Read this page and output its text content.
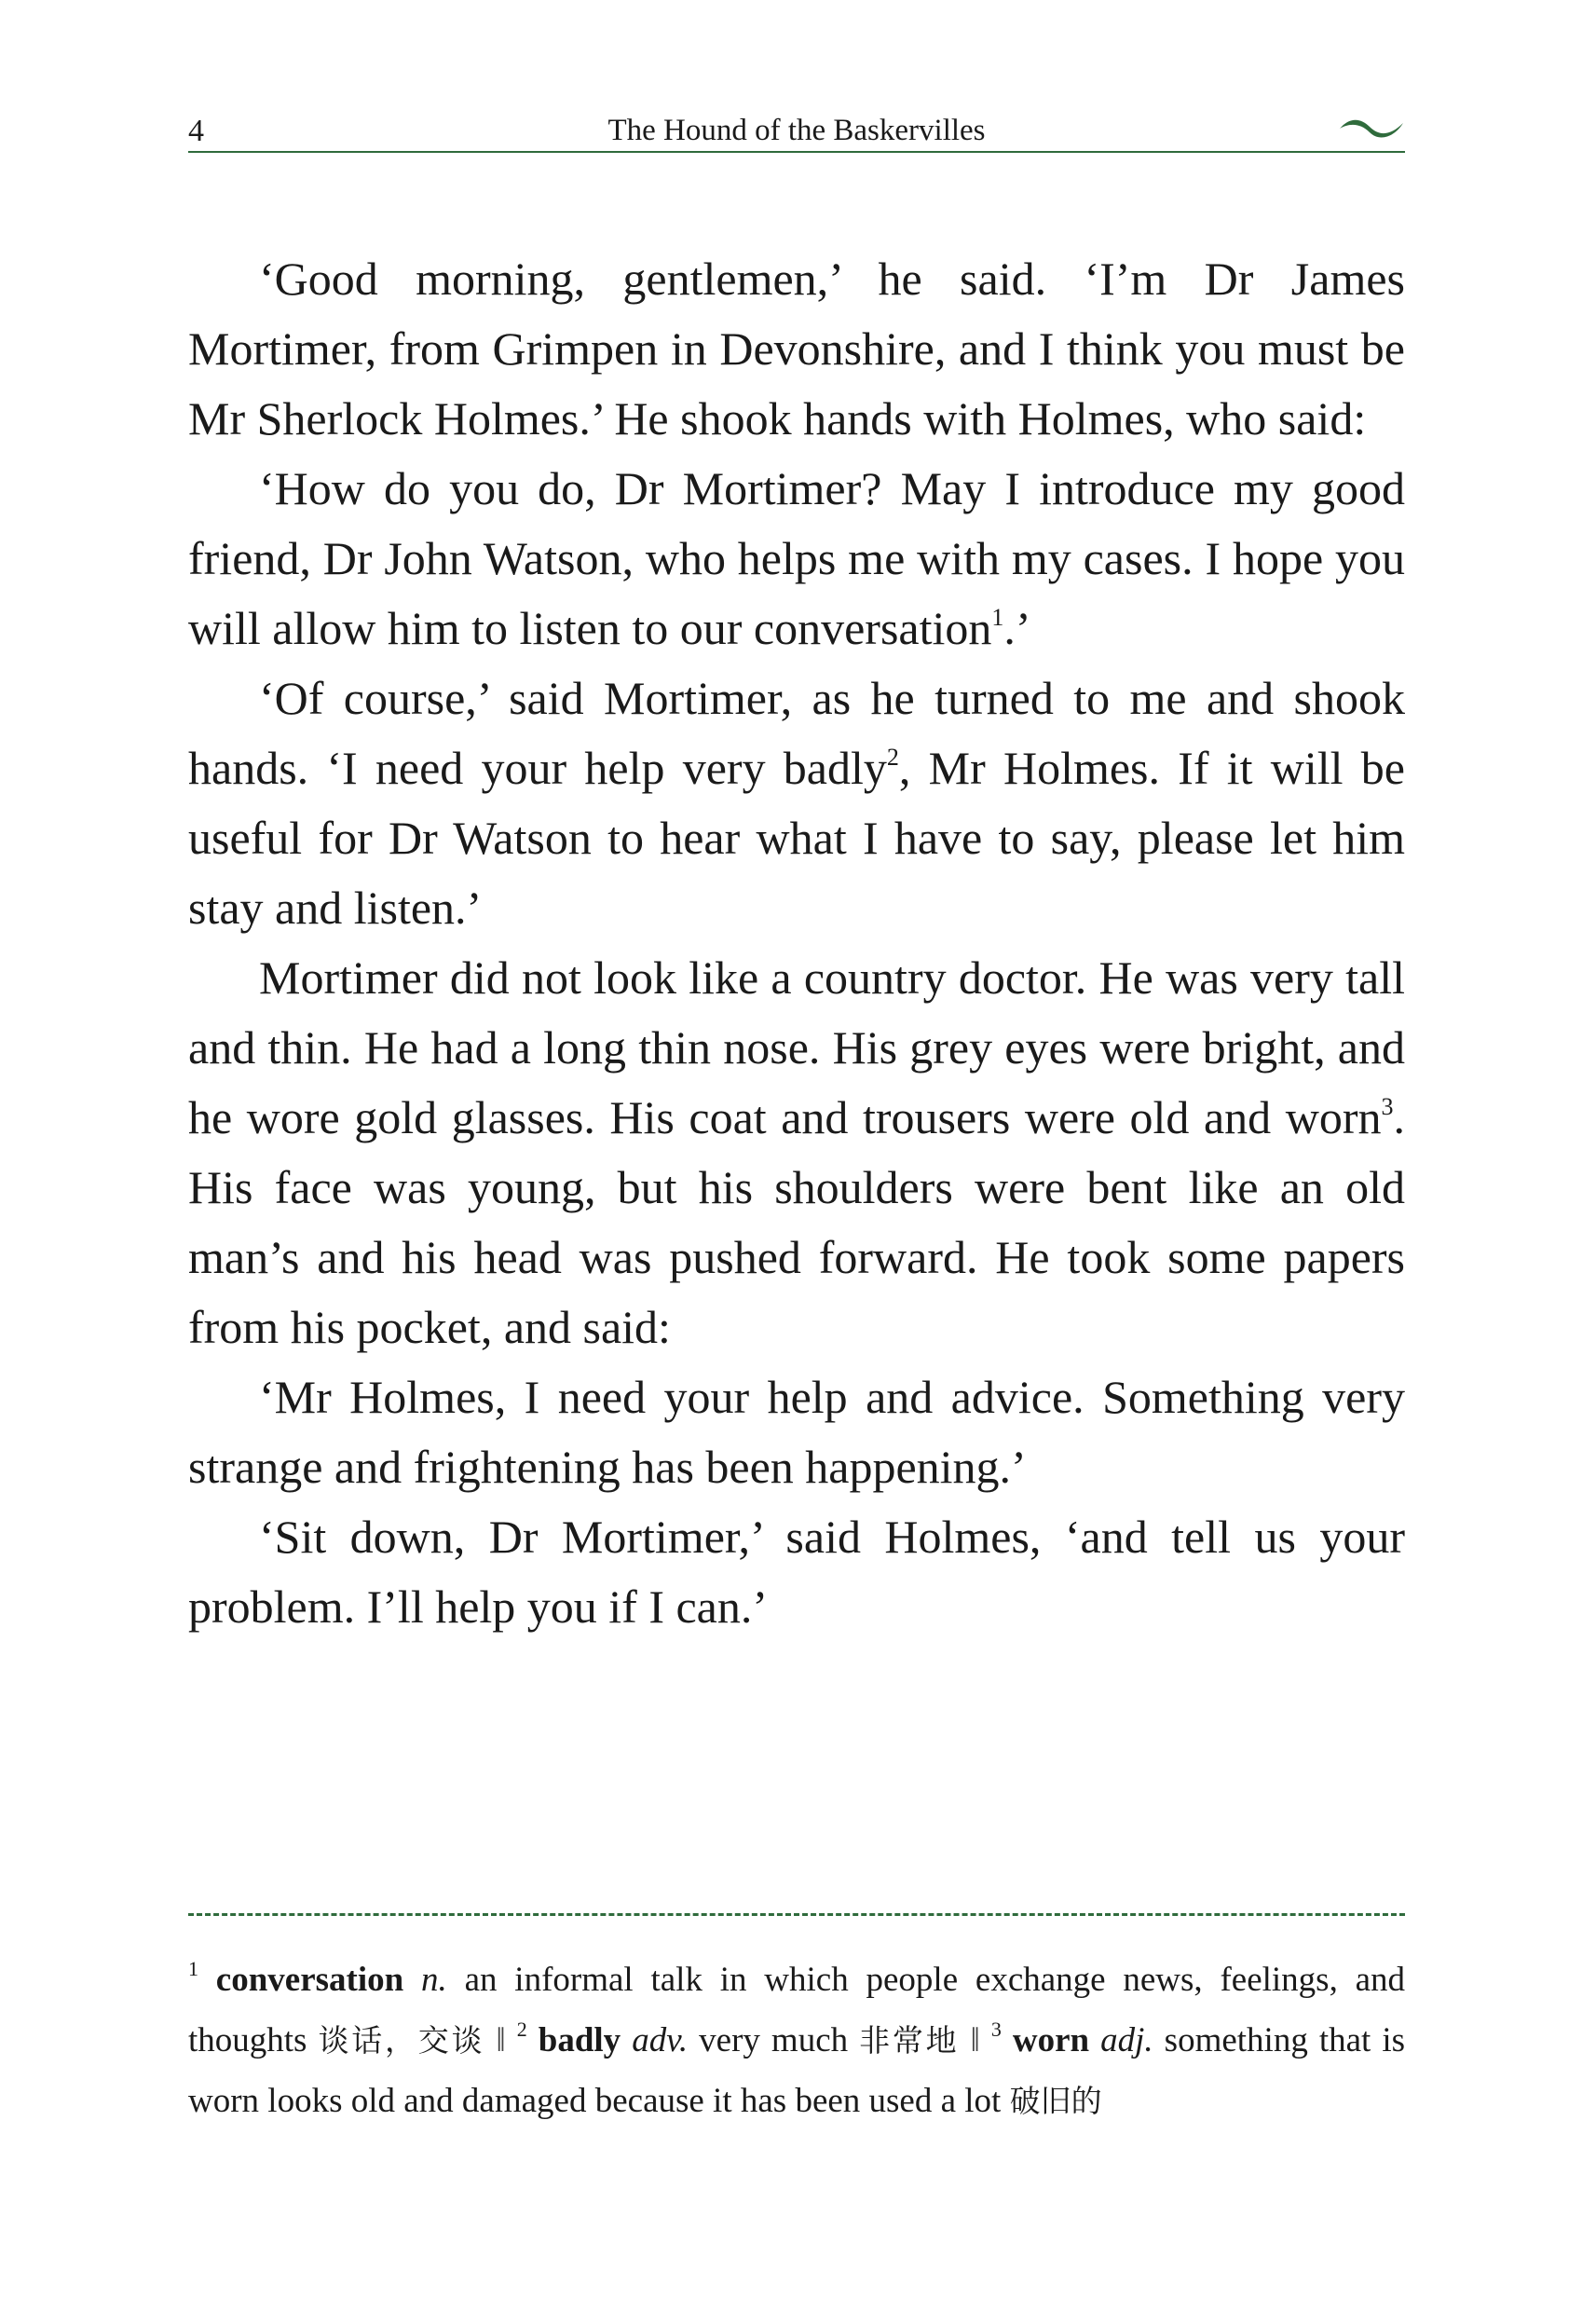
4	The Hound of the Baskervilles

‘Good morning, gentlemen,’ he said. ‘I’m Dr James Mortimer, from Grimpen in Devonshire, and I think you must be Mr Sherlock Holmes.’ He shook hands with Holmes, who said:

‘How do you do, Dr Mortimer? May I introduce my good friend, Dr John Watson, who helps me with my cases. I hope you will allow him to listen to our conversation$^1$.’

‘Of course,’ said Mortimer, as he turned to me and shook hands. ‘I need your help very badly$^2$, Mr Holmes. If it will be useful for Dr Watson to hear what I have to say, please let him stay and listen.’

Mortimer did not look like a country doctor. He was very tall and thin. He had a long thin nose. His grey eyes were bright, and he wore gold glasses. His coat and trousers were old and worn$^3$. His face was young, but his shoulders were bent like an old man’s and his head was pushed forward. He took some papers from his pocket, and said:

‘Mr Holmes, I need your help and advice. Something very strange and frightening has been happening.’

‘Sit down, Dr Mortimer,’ said Holmes, ‘and tell us your problem. I’ll help you if I can.’

$^1$ conversation n. an informal talk in which people exchange news, feelings, and thoughts 谈话，交谈 ‖ $^2$ badly adv. very much 非常地 ‖ $^3$ worn adj. something that is worn looks old and damaged because it has been used a lot 破旧的
